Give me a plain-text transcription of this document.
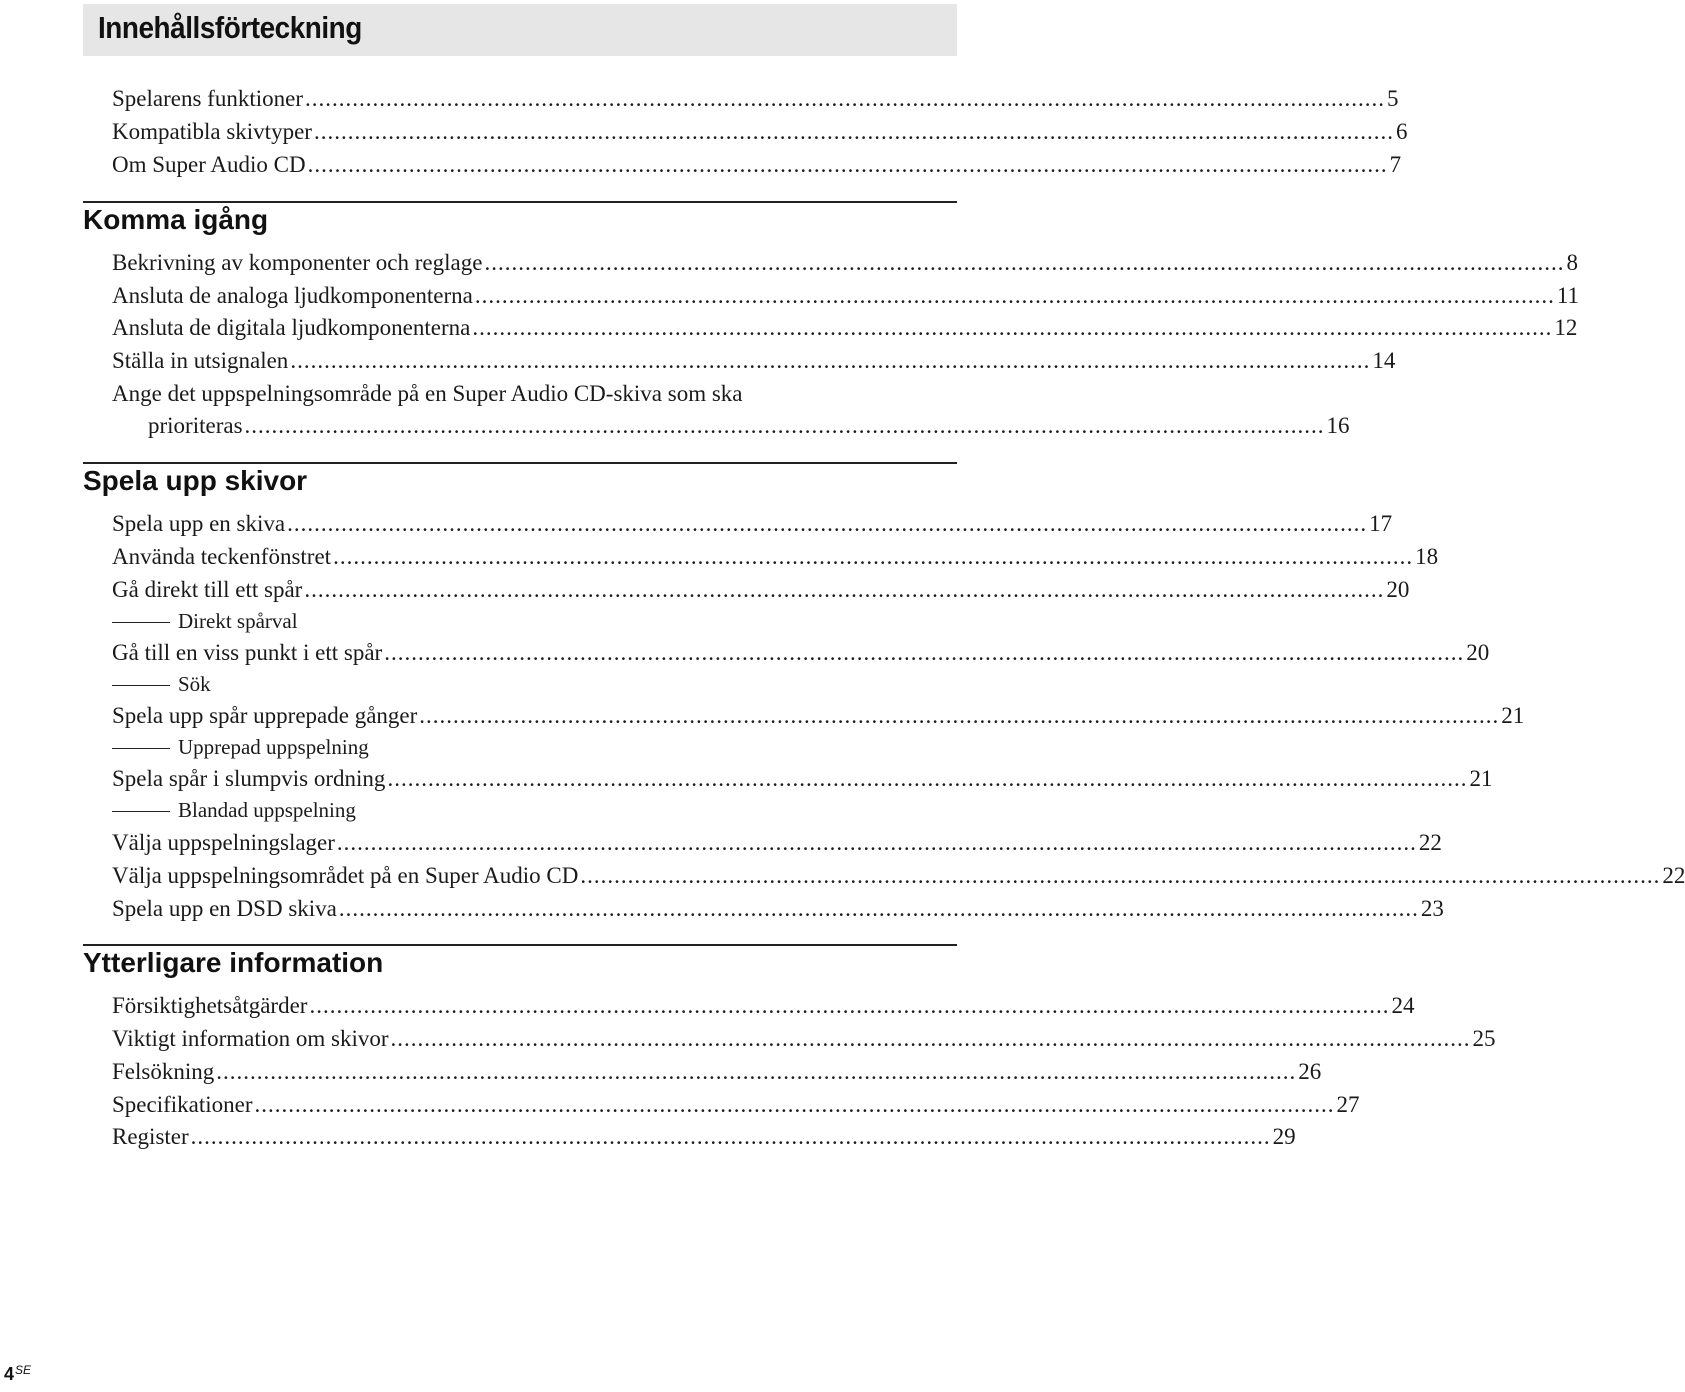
Innehållsförteckning
Spelarens funktioner ................................................................................................................................................................ 5
Kompatibla skivtyper ................................................................................................................................................................ 6
Om Super Audio CD ................................................................................................................................................................ 7
Komma igång
Bekrivning av komponenter och reglage ................................................................................................................................................................ 8
Ansluta de analoga ljudkomponenterna ................................................................................................................................................................ 11
Ansluta de digitala ljudkomponenterna ................................................................................................................................................................ 12
Ställa in utsignalen ................................................................................................................................................................ 14
Ange det uppspelningsområde på en Super Audio CD-skiva som ska
prioriteras ................................................................................................................................................................ 16
Spela upp skivor
Spela upp en skiva ................................................................................................................................................................ 17
Använda teckenfönstret ................................................................................................................................................................ 18
Gå direkt till ett spår ................................................................................................................................................................ 20
Direkt spårval
Gå till en viss punkt i ett spår ................................................................................................................................................................ 20
Sök
Spela upp spår upprepade gånger ................................................................................................................................................................ 21
Upprepad uppspelning
Spela spår i slumpvis ordning ................................................................................................................................................................ 21
Blandad uppspelning
Välja uppspelningslager ................................................................................................................................................................ 22
Välja uppspelningsområdet på en Super Audio CD ................................................................................................................................................................ 22
Spela upp en DSD skiva ................................................................................................................................................................ 23
Ytterligare information
Försiktighetsåtgärder ................................................................................................................................................................ 24
Viktigt information om skivor ................................................................................................................................................................ 25
Felsökning ................................................................................................................................................................ 26
Specifikationer ................................................................................................................................................................ 27
Register ................................................................................................................................................................ 29
$4^{SE}$
